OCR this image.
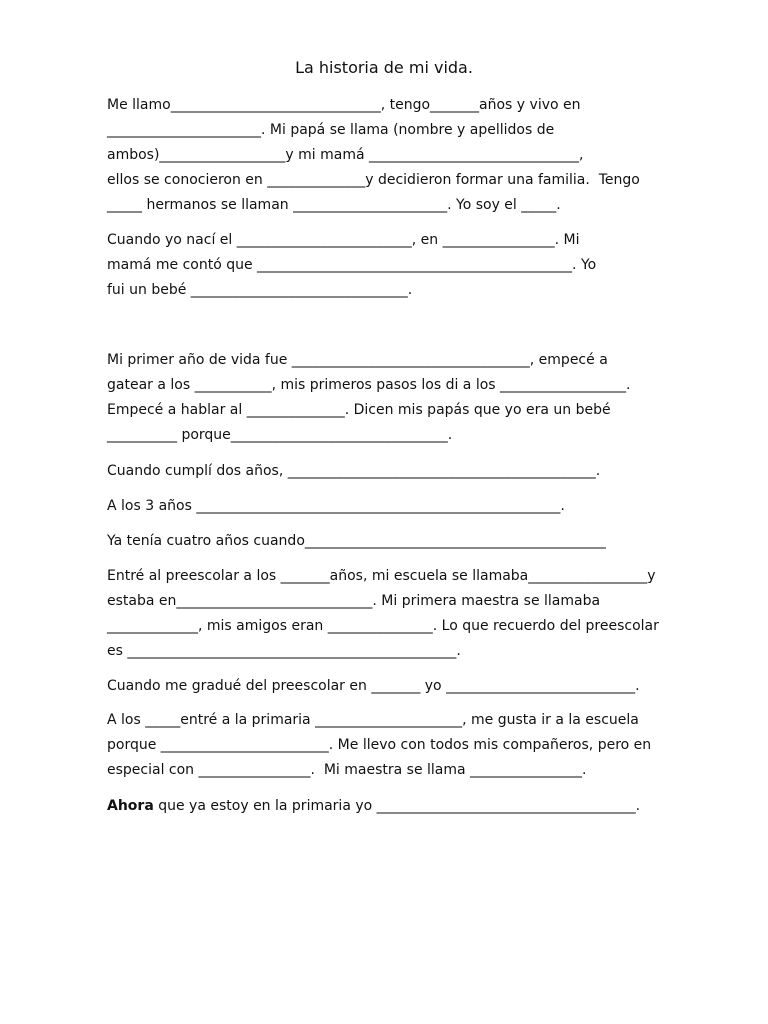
La historia de mi vida.
Me llamo______________________________, tengo_______años y vivo en
______________________. Mi papá se llama (nombre y apellidos de
ambos)__________________y mi mamá ______________________________,
ellos se conocieron en ______________y decidieron formar una familia.  Tengo
_____ hermanos se llaman ______________________. Yo soy el _____.
Cuando yo nací el _________________________, en ________________. Mi
mamá me contó que _____________________________________________. Yo
fui un bebé _______________________________.
Mi primer año de vida fue __________________________________, empecé a
gatear a los ___________, mis primeros pasos los di a los __________________.
Empecé a hablar al ______________. Dicen mis papás que yo era un bebé
__________ porque_______________________________.
Cuando cumplí dos años, ____________________________________________.
A los 3 años ____________________________________________________.
Ya tenía cuatro años cuando___________________________________________
Entré al preescolar a los _______años, mi escuela se llamaba_________________y
estaba en____________________________. Mi primera maestra se llamaba
_____________, mis amigos eran _______________. Lo que recuerdo del preescolar
es _______________________________________________.
Cuando me gradué del preescolar en _______ yo ___________________________.
A los _____entré a la primaria _____________________, me gusta ir a la escuela
porque ________________________. Me llevo con todos mis compañeros, pero en
especial con ________________.  Mi maestra se llama ________________.
Ahora que ya estoy en la primaria yo _____________________________________.
